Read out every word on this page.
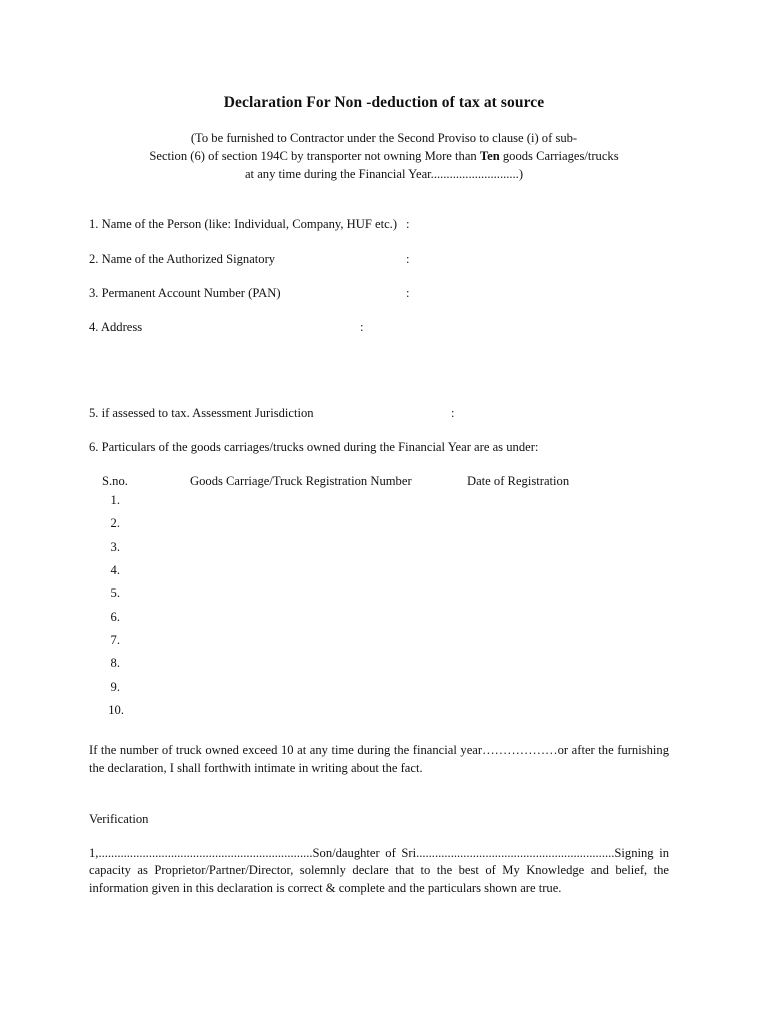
Declaration For Non -deduction of tax at source
(To be furnished to Contractor under the Second Proviso to clause (i) of sub-
Section (6) of section 194C by transporter not owning More than Ten goods Carriages/trucks
at any time during the Financial Year............................)
1. Name of the Person (like: Individual, Company, HUF etc.) :
2. Name of the Authorized Signatory	:
3. Permanent Account Number (PAN)	:
4. Address	:
5. if assessed to tax. Assessment Jurisdiction	:
6. Particulars of the goods carriages/trucks owned during the Financial Year are as under:
S.no.	Goods Carriage/Truck Registration Number	Date of Registration
1.
2.
3.
4.
5.
6.
7.
8.
9.
10.
If the number of truck owned exceed 10 at any time during the financial year………………or after the furnishing
the declaration, I shall forthwith intimate in writing about the fact.
Verification
1,....................................................................Son/daughter of Sri...............................................................Signing in
capacity as Proprietor/Partner/Director, solemnly declare that to the best of My Knowledge and belief, the
information given in this declaration is correct & complete and the particulars shown are true.
